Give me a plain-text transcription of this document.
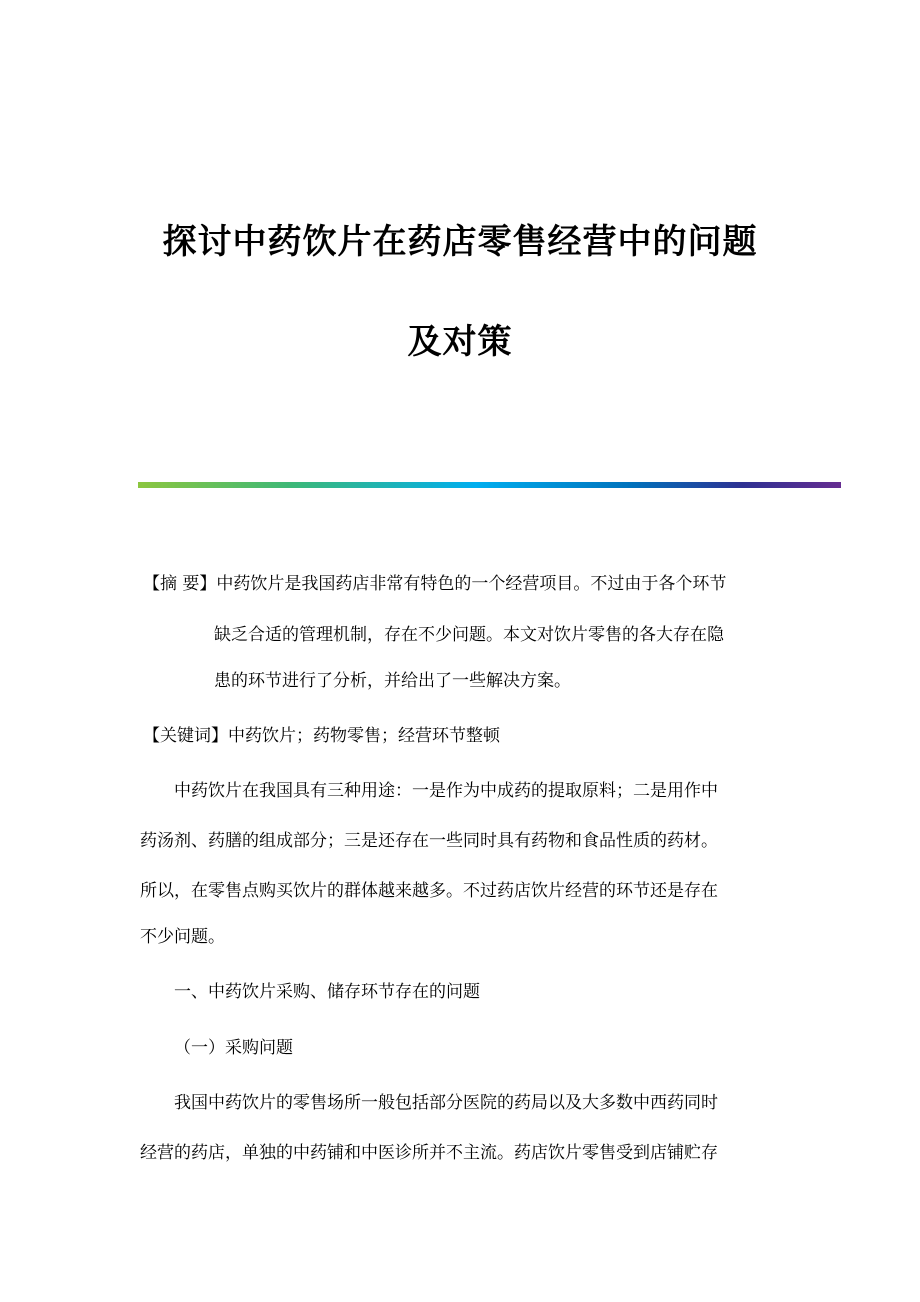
探讨中药饮片在药店零售经营中的问题
及对策
【摘 要】中药饮片是我国药店非常有特色的一个经营项目。不过由于各个环节
缺乏合适的管理机制，存在不少问题。本文对饮片零售的各大存在隐
患的环节进行了分析，并给出了一些解决方案。
【关键词】中药饮片；药物零售；经营环节整顿
中药饮片在我国具有三种用途：一是作为中成药的提取原料；二是用作中
药汤剂、药膳的组成部分；三是还存在一些同时具有药物和食品性质的药材。
所以，在零售点购买饮片的群体越来越多。不过药店饮片经营的环节还是存在
不少问题。
一、中药饮片采购、储存环节存在的问题
（一）采购问题
我国中药饮片的零售场所一般包括部分医院的药局以及大多数中西药同时
经营的药店，单独的中药铺和中医诊所并不主流。药店饮片零售受到店铺贮存
